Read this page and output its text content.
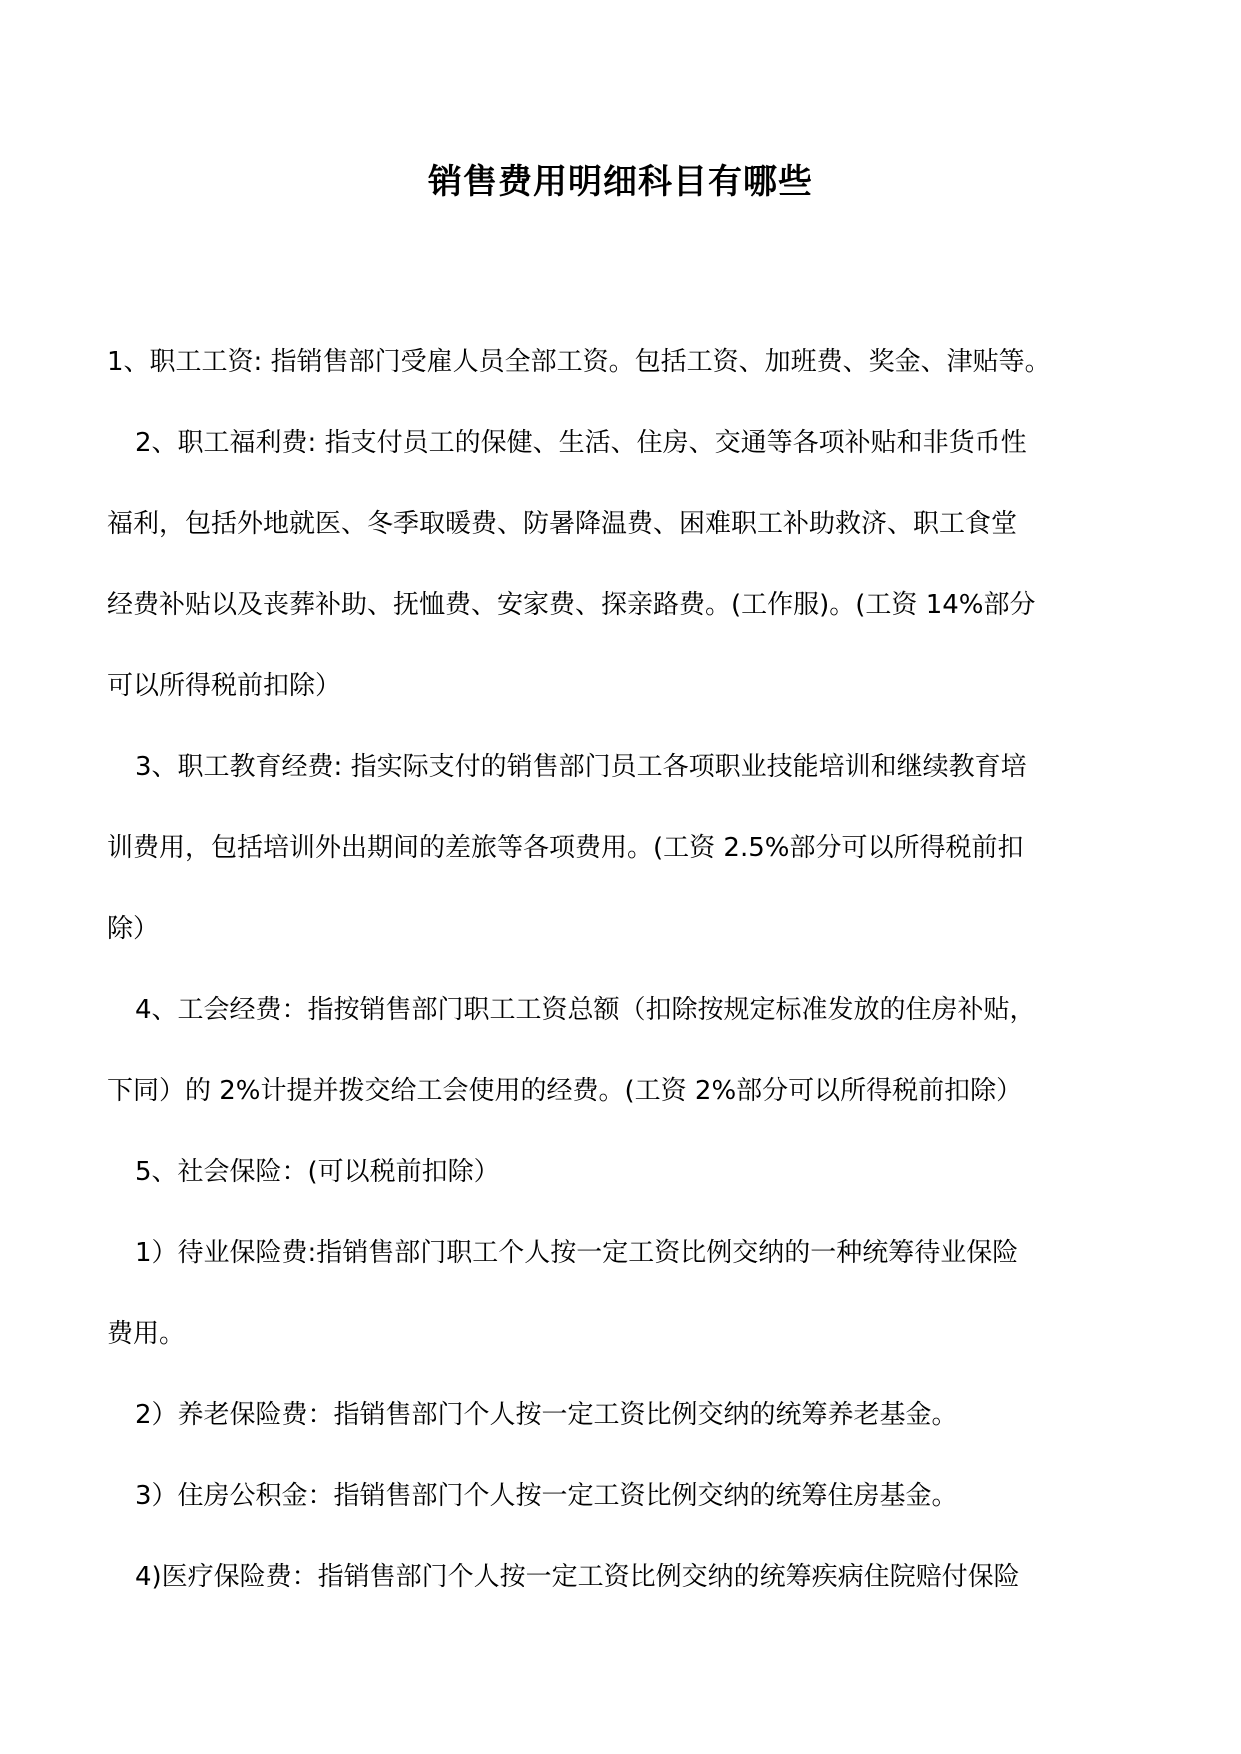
销售费用明细科目有哪些
1、职工工资: 指销售部门受雇人员全部工资。包括工资、加班费、奖金、津贴等。
2、职工福利费: 指支付员工的保健、生活、住房、交通等各项补贴和非货币性
福利，包括外地就医、冬季取暖费、防暑降温费、困难职工补助救济、职工食堂
经费补贴以及丧葬补助、抚恤费、安家费、探亲路费。(工作服)。(工资 14%部分
可以所得税前扣除）
3、职工教育经费: 指实际支付的销售部门员工各项职业技能培训和继续教育培
训费用，包括培训外出期间的差旅等各项费用。(工资 2.5%部分可以所得税前扣
除）
4、工会经费：指按销售部门职工工资总额（扣除按规定标准发放的住房补贴，
下同）的 2%计提并拨交给工会使用的经费。(工资 2%部分可以所得税前扣除）
5、社会保险：(可以税前扣除）
1）待业保险费:指销售部门职工个人按一定工资比例交纳的一种统筹待业保险
费用。
2）养老保险费：指销售部门个人按一定工资比例交纳的统筹养老基金。
3）住房公积金：指销售部门个人按一定工资比例交纳的统筹住房基金。
4)医疗保险费：指销售部门个人按一定工资比例交纳的统筹疾病住院赔付保险
